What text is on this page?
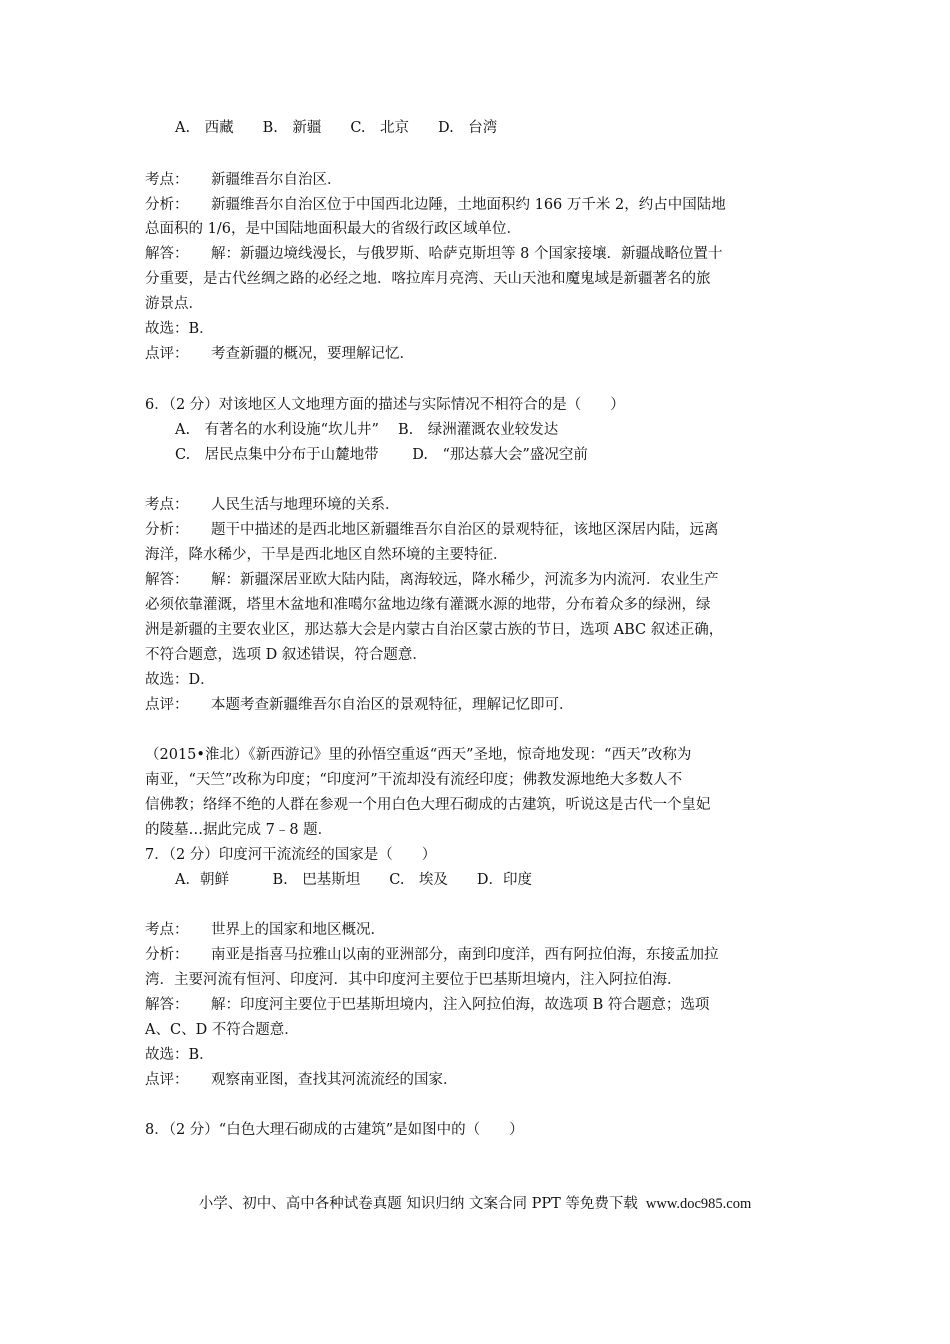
A.　西藏　　B.　新疆　　C.　北京　　D.　台湾
考点： 新疆维吾尔自治区．
分析： 新疆维吾尔自治区位于中国西北边陲，土地面积约 166 万千米 2，约占中国陆地
总面积的 1/6，是中国陆地面积最大的省级行政区域单位．
解答： 解：新疆边境线漫长，与俄罗斯、哈萨克斯坦等 8 个国家接壤．新疆战略位置十
分重要，是古代丝绸之路的必经之地．喀拉库月亮湾、天山天池和魔鬼域是新疆著名的旅
游景点．
故选：B．
点评： 考查新疆的概况，要理解记忆．
6．（2 分）对该地区人文地理方面的描述与实际情况不相符合的是（　　）
A.　有著名的水利设施“坎儿井”　 B.　绿洲灌溉农业较发达
C.　居民点集中分布于山麓地带　　 D.　“那达慕大会”盛况空前
考点： 人民生活与地理环境的关系．
分析： 题干中描述的是西北地区新疆维吾尔自治区的景观特征，该地区深居内陆，远离
海洋，降水稀少，干旱是西北地区自然环境的主要特征．
解答： 解：新疆深居亚欧大陆内陆，离海较远，降水稀少，河流多为内流河．农业生产
必须依靠灌溉，塔里木盆地和准噶尔盆地边缘有灌溉水源的地带，分布着众多的绿洲，绿
洲是新疆的主要农业区，那达慕大会是内蒙古自治区蒙古族的节日，选项 ABC 叙述正确，
不符合题意，选项 D 叙述错误，符合题意．
故选：D．
点评： 本题考查新疆维吾尔自治区的景观特征，理解记忆即可．
（2015•淮北）《新西游记》里的孙悟空重返“西天”圣地，惊奇地发现：“西天”改称为
南亚，“天竺”改称为印度；“印度河”干流却没有流经印度；佛教发源地绝大多数人不
信佛教；络绎不绝的人群在参观一个用白色大理石砌成的古建筑，听说这是古代一个皇妃
的陵墓…据此完成 7﹣8 题．
7．（2 分）印度河干流流经的国家是（　　）
A．朝鲜　　　B.　巴基斯坦　　C.　埃及　　D．印度
考点： 世界上的国家和地区概况．
分析： 南亚是指喜马拉雅山以南的亚洲部分，南到印度洋，西有阿拉伯海，东接孟加拉
湾．主要河流有恒河、印度河．其中印度河主要位于巴基斯坦境内，注入阿拉伯海．
解答： 解：印度河主要位于巴基斯坦境内，注入阿拉伯海，故选项 B 符合题意；选项
A、C、D 不符合题意．
故选：B．
点评： 观察南亚图，查找其河流流经的国家．
8．（2 分）“白色大理石砌成的古建筑”是如图中的（　　）
小学、初中、高中各种试卷真题 知识归纳 文案合同 PPT 等免费下载 www.doc985.com
